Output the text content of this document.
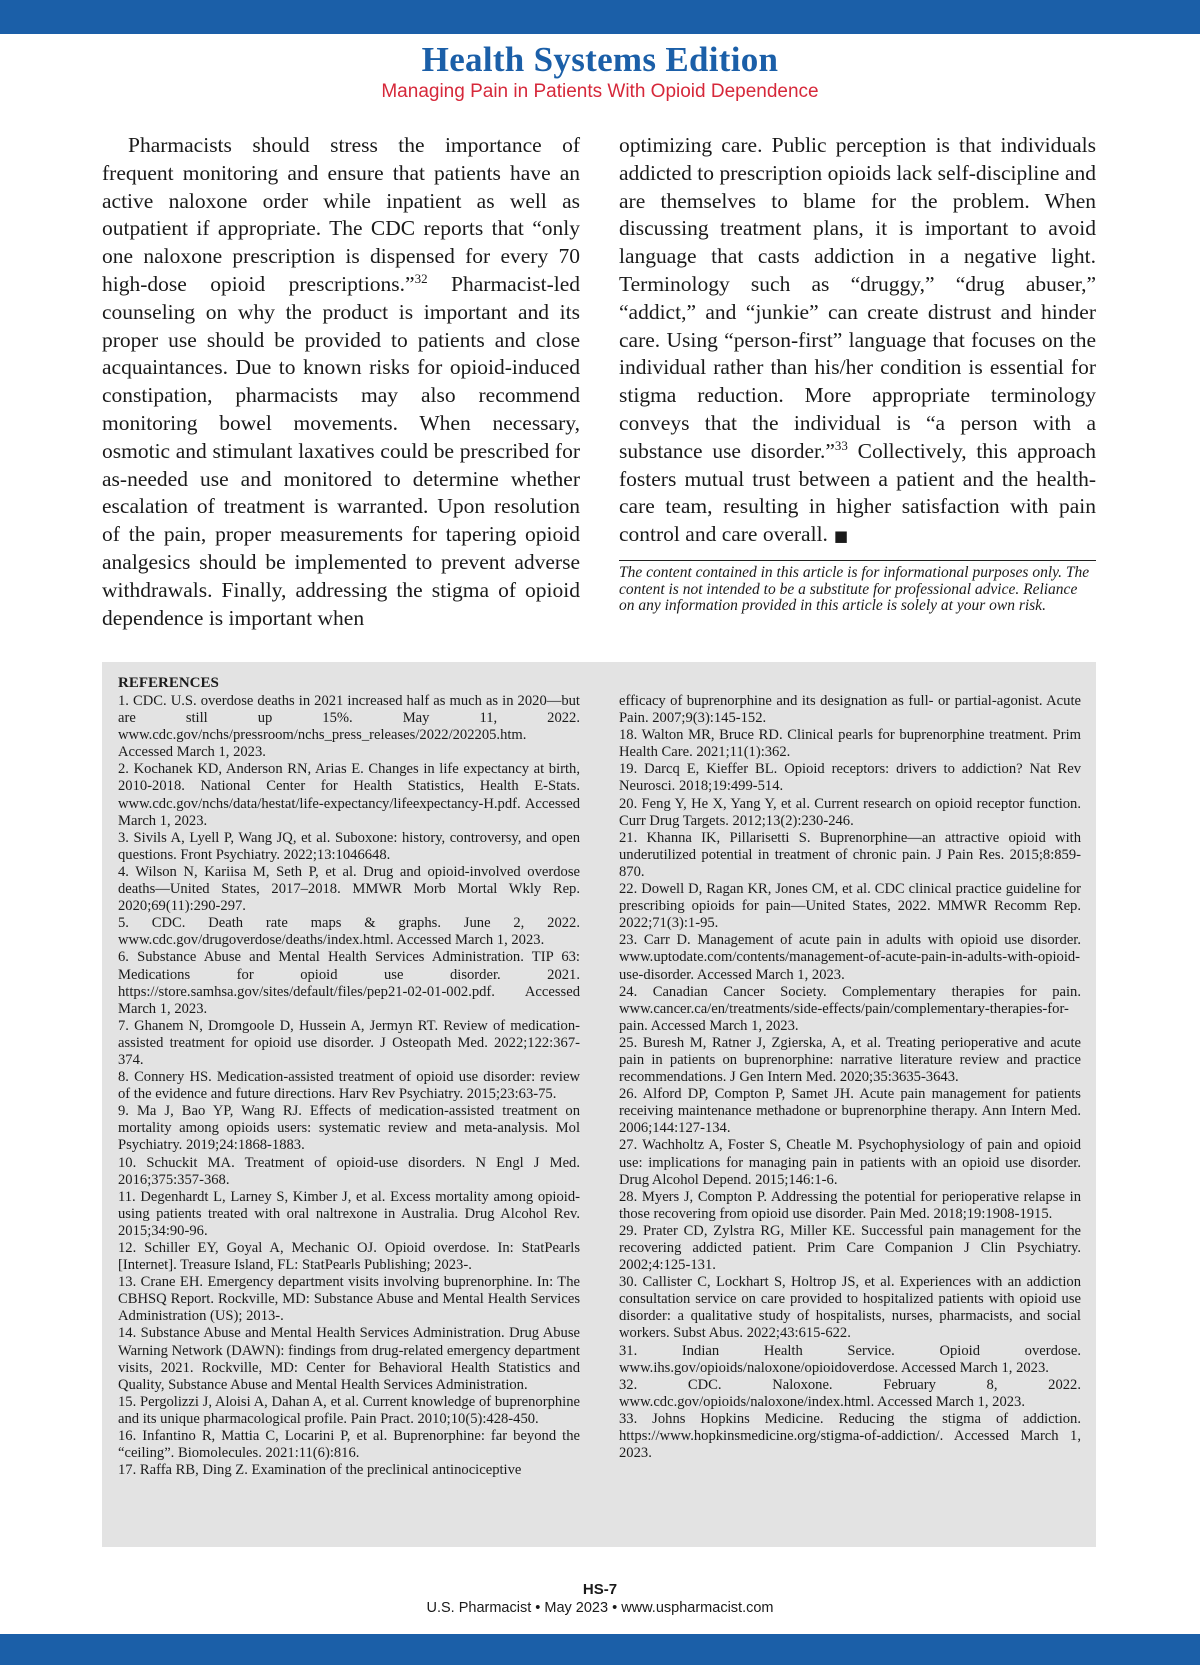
Health Systems Edition
Managing Pain in Patients With Opioid Dependence
Pharmacists should stress the importance of frequent monitoring and ensure that patients have an active naloxone order while inpatient as well as outpatient if appropriate. The CDC reports that “only one naloxone prescription is dispensed for every 70 high-dose opioid prescriptions.”$^{32}$ Pharmacist-led counseling on why the product is important and its proper use should be provided to patients and close acquaintances. Due to known risks for opioid-induced constipation, pharmacists may also recommend monitoring bowel movements. When necessary, osmotic and stimulant laxatives could be prescribed for as-needed use and monitored to determine whether escalation of treatment is warranted. Upon resolution of the pain, proper measurements for tapering opioid analgesics should be implemented to prevent adverse withdrawals. Finally, addressing the stigma of opioid dependence is important when
optimizing care. Public perception is that individuals addicted to prescription opioids lack self-discipline and are themselves to blame for the problem. When discussing treatment plans, it is important to avoid language that casts addiction in a negative light. Terminology such as “druggy,” “drug abuser,” “addict,” and “junkie” can create distrust and hinder care. Using “person-first” language that focuses on the individual rather than his/her condition is essential for stigma reduction. More appropriate terminology conveys that the individual is “a person with a substance use disorder.”$^{33}$ Collectively, this approach fosters mutual trust between a patient and the health-care team, resulting in higher satisfaction with pain control and care overall. ■
The content contained in this article is for informational purposes only. The content is not intended to be a substitute for professional advice. Reliance on any information provided in this article is solely at your own risk.
REFERENCES

1. CDC. U.S. overdose deaths in 2021 increased half as much as in 2020—but are still up 15%. May 11, 2022. www.cdc.gov/nchs/pressroom/nchs_press_releases/2022/202205.htm. Accessed March 1, 2023.

2. Kochanek KD, Anderson RN, Arias E. Changes in life expectancy at birth, 2010-2018. National Center for Health Statistics, Health E-Stats. www.cdc.gov/nchs/data/hestat/life-expectancy/lifeexpectancy-H.pdf. Accessed March 1, 2023.

3. Sivils A, Lyell P, Wang JQ, et al. Suboxone: history, controversy, and open questions. Front Psychiatry. 2022;13:1046648.

4. Wilson N, Kariisa M, Seth P, et al. Drug and opioid-involved overdose deaths—United States, 2017–2018. MMWR Morb Mortal Wkly Rep. 2020;69(11):290-297.

5. CDC. Death rate maps & graphs. June 2, 2022. www.cdc.gov/drugoverdose/deaths/index.html. Accessed March 1, 2023.

6. Substance Abuse and Mental Health Services Administration. TIP 63: Medications for opioid use disorder. 2021. https://store.samhsa.gov/sites/default/files/pep21-02-01-002.pdf. Accessed March 1, 2023.

7. Ghanem N, Dromgoole D, Hussein A, Jermyn RT. Review of medication-assisted treatment for opioid use disorder. J Osteopath Med. 2022;122:367-374.

8. Connery HS. Medication-assisted treatment of opioid use disorder: review of the evidence and future directions. Harv Rev Psychiatry. 2015;23:63-75.

9. Ma J, Bao YP, Wang RJ. Effects of medication-assisted treatment on mortality among opioids users: systematic review and meta-analysis. Mol Psychiatry. 2019;24:1868-1883.

10. Schuckit MA. Treatment of opioid-use disorders. N Engl J Med. 2016;375:357-368.

11. Degenhardt L, Larney S, Kimber J, et al. Excess mortality among opioid-using patients treated with oral naltrexone in Australia. Drug Alcohol Rev. 2015;34:90-96.

12. Schiller EY, Goyal A, Mechanic OJ. Opioid overdose. In: StatPearls [Internet]. Treasure Island, FL: StatPearls Publishing; 2023-.

13. Crane EH. Emergency department visits involving buprenorphine. In: The CBHSQ Report. Rockville, MD: Substance Abuse and Mental Health Services Administration (US); 2013-.

14. Substance Abuse and Mental Health Services Administration. Drug Abuse Warning Network (DAWN): findings from drug-related emergency department visits, 2021. Rockville, MD: Center for Behavioral Health Statistics and Quality, Substance Abuse and Mental Health Services Administration.

15. Pergolizzi J, Aloisi A, Dahan A, et al. Current knowledge of buprenorphine and its unique pharmacological profile. Pain Pract. 2010;10(5):428-450.

16. Infantino R, Mattia C, Locarini P, et al. Buprenorphine: far beyond the “ceiling”. Biomolecules. 2021:11(6):816.

17. Raffa RB, Ding Z. Examination of the preclinical antinociceptive

efficacy of buprenorphine and its designation as full- or partial-agonist. Acute Pain. 2007;9(3):145-152.

18. Walton MR, Bruce RD. Clinical pearls for buprenorphine treatment. Prim Health Care. 2021;11(1):362.

19. Darcq E, Kieffer BL. Opioid receptors: drivers to addiction? Nat Rev Neurosci. 2018;19:499-514.

20. Feng Y, He X, Yang Y, et al. Current research on opioid receptor function. Curr Drug Targets. 2012;13(2):230-246.

21. Khanna IK, Pillarisetti S. Buprenorphine—an attractive opioid with underutilized potential in treatment of chronic pain. J Pain Res. 2015;8:859-870.

22. Dowell D, Ragan KR, Jones CM, et al. CDC clinical practice guideline for prescribing opioids for pain—United States, 2022. MMWR Recomm Rep. 2022;71(3):1-95.

23. Carr D. Management of acute pain in adults with opioid use disorder. www.uptodate.com/contents/management-of-acute-pain-in-adults-with-opioid-use-disorder. Accessed March 1, 2023.

24. Canadian Cancer Society. Complementary therapies for pain. www.cancer.ca/en/treatments/side-effects/pain/complementary-therapies-for-pain. Accessed March 1, 2023.

25. Buresh M, Ratner J, Zgierska, A, et al. Treating perioperative and acute pain in patients on buprenorphine: narrative literature review and practice recommendations. J Gen Intern Med. 2020;35:3635-3643.

26. Alford DP, Compton P, Samet JH. Acute pain management for patients receiving maintenance methadone or buprenorphine therapy. Ann Intern Med. 2006;144:127-134.

27. Wachholtz A, Foster S, Cheatle M. Psychophysiology of pain and opioid use: implications for managing pain in patients with an opioid use disorder. Drug Alcohol Depend. 2015;146:1-6.

28. Myers J, Compton P. Addressing the potential for perioperative relapse in those recovering from opioid use disorder. Pain Med. 2018;19:1908-1915.

29. Prater CD, Zylstra RG, Miller KE. Successful pain management for the recovering addicted patient. Prim Care Companion J Clin Psychiatry. 2002;4:125-131.

30. Callister C, Lockhart S, Holtrop JS, et al. Experiences with an addiction consultation service on care provided to hospitalized patients with opioid use disorder: a qualitative study of hospitalists, nurses, pharmacists, and social workers. Subst Abus. 2022;43:615-622.

31. Indian Health Service. Opioid overdose. www.ihs.gov/opioids/naloxone/opioidoverdose. Accessed March 1, 2023.

32. CDC. Naloxone. February 8, 2022. www.cdc.gov/opioids/naloxone/index.html. Accessed March 1, 2023.

33. Johns Hopkins Medicine. Reducing the stigma of addiction. https://www.hopkinsmedicine.org/stigma-of-addiction/. Accessed March 1, 2023.

HS-7
U.S. Pharmacist • May 2023 • www.uspharmacist.com
